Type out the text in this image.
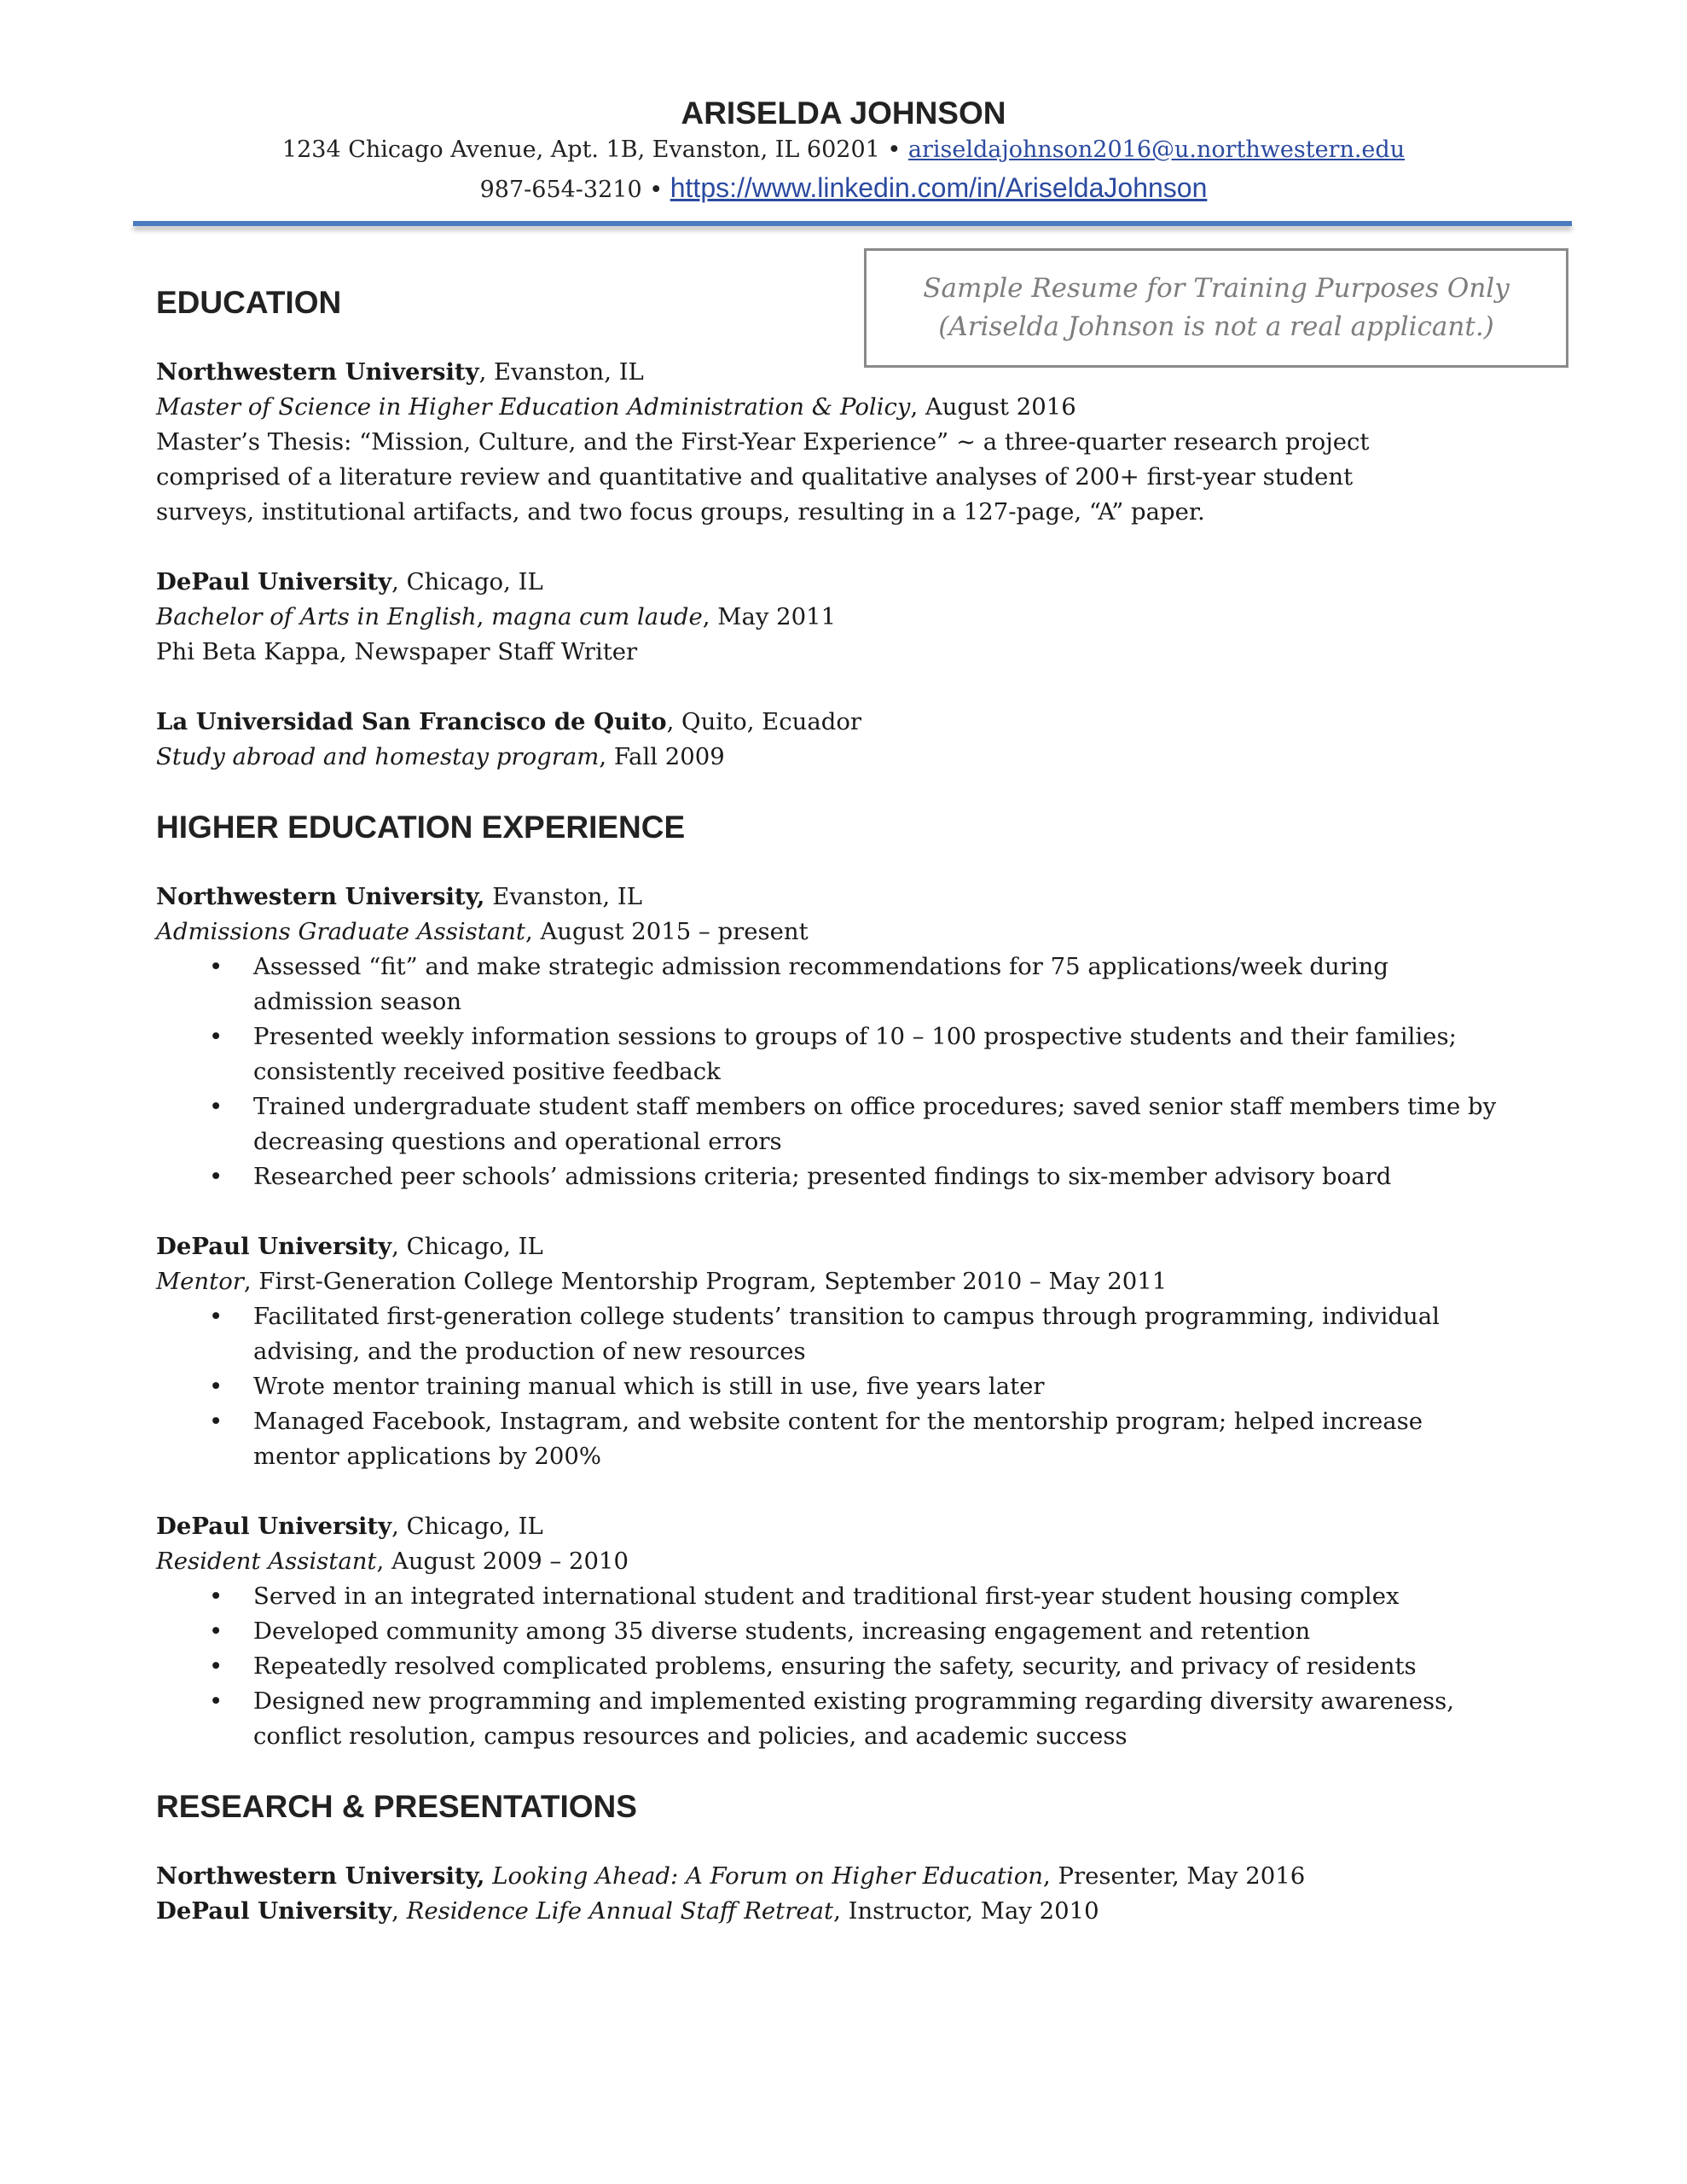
ARISELDA JOHNSON
1234 Chicago Avenue, Apt. 1B, Evanston, IL 60201 • ariseldajohnson2016@u.northwestern.edu
987-654-3210 • https://www.linkedin.com/in/AriseldaJohnson
Sample Resume for Training Purposes Only
(Ariselda Johnson is not a real applicant.)
EDUCATION
Northwestern University, Evanston, IL
Master of Science in Higher Education Administration & Policy, August 2016
Master’s Thesis: “Mission, Culture, and the First-Year Experience” ~ a three-quarter research project comprised of a literature review and quantitative and qualitative analyses of 200+ first-year student surveys, institutional artifacts, and two focus groups, resulting in a 127-page, “A” paper.
DePaul University, Chicago, IL
Bachelor of Arts in English, magna cum laude, May 2011
Phi Beta Kappa, Newspaper Staff Writer
La Universidad San Francisco de Quito, Quito, Ecuador
Study abroad and homestay program, Fall 2009
HIGHER EDUCATION EXPERIENCE
Northwestern University, Evanston, IL
Admissions Graduate Assistant, August 2015 – present
• Assessed “fit” and make strategic admission recommendations for 75 applications/week during admission season
• Presented weekly information sessions to groups of 10 – 100 prospective students and their families; consistently received positive feedback
• Trained undergraduate student staff members on office procedures; saved senior staff members time by decreasing questions and operational errors
• Researched peer schools’ admissions criteria; presented findings to six-member advisory board
DePaul University, Chicago, IL
Mentor, First-Generation College Mentorship Program, September 2010 – May 2011
• Facilitated first-generation college students’ transition to campus through programming, individual advising, and the production of new resources
• Wrote mentor training manual which is still in use, five years later
• Managed Facebook, Instagram, and website content for the mentorship program; helped increase mentor applications by 200%
DePaul University, Chicago, IL
Resident Assistant, August 2009 – 2010
• Served in an integrated international student and traditional first-year student housing complex
• Developed community among 35 diverse students, increasing engagement and retention
• Repeatedly resolved complicated problems, ensuring the safety, security, and privacy of residents
• Designed new programming and implemented existing programming regarding diversity awareness, conflict resolution, campus resources and policies, and academic success
RESEARCH & PRESENTATIONS
Northwestern University, Looking Ahead: A Forum on Higher Education, Presenter, May 2016
DePaul University, Residence Life Annual Staff Retreat, Instructor, May 2010
